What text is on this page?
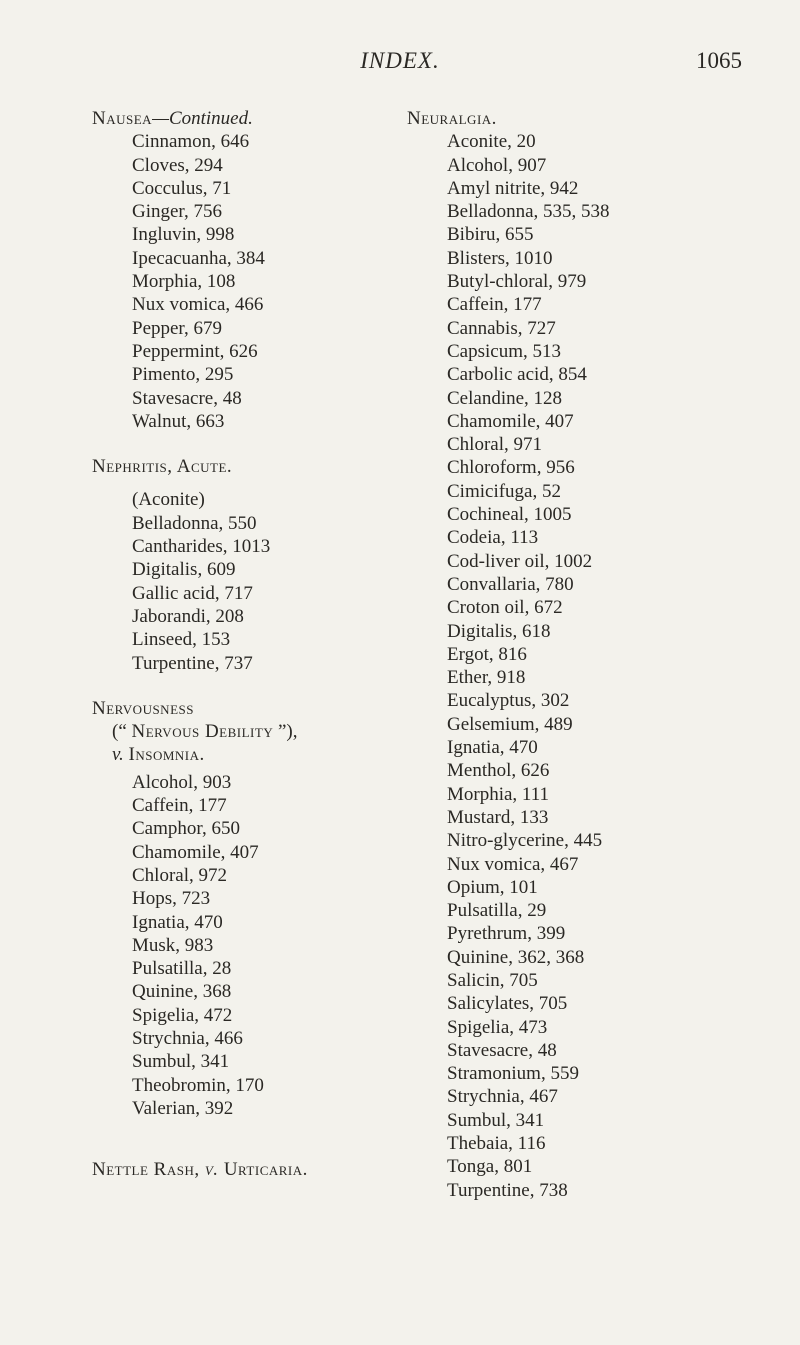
INDEX.	1065
Nausea—Continued.
Cinnamon, 646
Cloves, 294
Cocculus, 71
Ginger, 756
Ingluvin, 998
Ipecacuanha, 384
Morphia, 108
Nux vomica, 466
Pepper, 679
Peppermint, 626
Pimento, 295
Stavesacre, 48
Walnut, 663
Nephritis, Acute.
(Aconite)
Belladonna, 550
Cantharides, 1013
Digitalis, 609
Gallic acid, 717
Jaborandi, 208
Linseed, 153
Turpentine, 737
Nervousness
(“ Nervous Debility ”),
v. Insomnia.
Alcohol, 903
Caffein, 177
Camphor, 650
Chamomile, 407
Chloral, 972
Hops, 723
Ignatia, 470
Musk, 983
Pulsatilla, 28
Quinine, 368
Spigelia, 472
Strychnia, 466
Sumbul, 341
Theobromin, 170
Valerian, 392
Nettle Rash, v. Urticaria.
Neuralgia.
Aconite, 20
Alcohol, 907
Amyl nitrite, 942
Belladonna, 535, 538
Bibiru, 655
Blisters, 1010
Butyl-chloral, 979
Caffein, 177
Cannabis, 727
Capsicum, 513
Carbolic acid, 854
Celandine, 128
Chamomile, 407
Chloral, 971
Chloroform, 956
Cimicifuga, 52
Cochineal, 1005
Codeia, 113
Cod-liver oil, 1002
Convallaria, 780
Croton oil, 672
Digitalis, 618
Ergot, 816
Ether, 918
Eucalyptus, 302
Gelsemium, 489
Ignatia, 470
Menthol, 626
Morphia, 111
Mustard, 133
Nitro-glycerine, 445
Nux vomica, 467
Opium, 101
Pulsatilla, 29
Pyrethrum, 399
Quinine, 362, 368
Salicin, 705
Salicylates, 705
Spigelia, 473
Stavesacre, 48
Stramonium, 559
Strychnia, 467
Sumbul, 341
Thebaia, 116
Tonga, 801
Turpentine, 738
